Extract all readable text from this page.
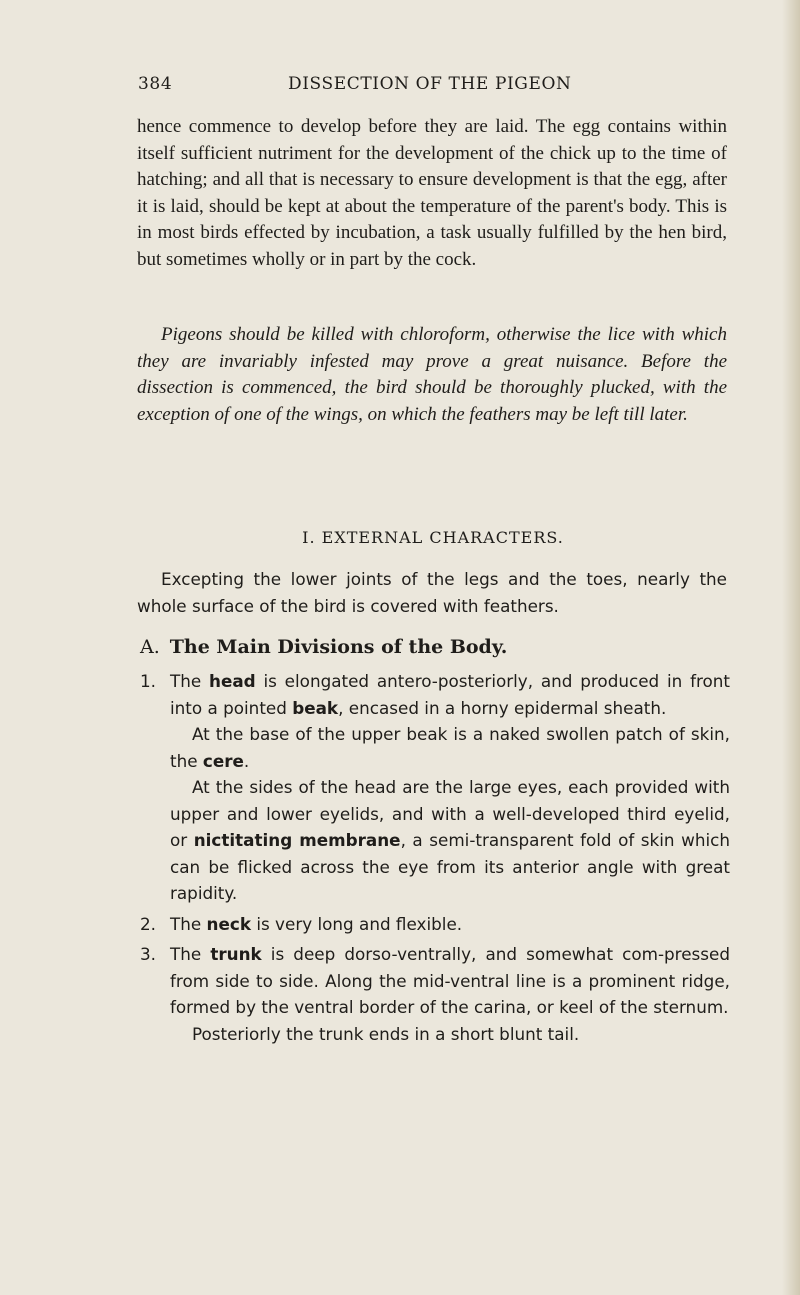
384	DISSECTION OF THE PIGEON
hence commence to develop before they are laid. The egg contains within itself sufficient nutriment for the development of the chick up to the time of hatching; and all that is necessary to ensure development is that the egg, after it is laid, should be kept at about the temperature of the parent's body. This is in most birds effected by incubation, a task usually fulfilled by the hen bird, but sometimes wholly or in part by the cock.
Pigeons should be killed with chloroform, otherwise the lice with which they are invariably infested may prove a great nuisance. Before the dissection is commenced, the bird should be thoroughly plucked, with the exception of one of the wings, on which the feathers may be left till later.
I. EXTERNAL CHARACTERS.
Excepting the lower joints of the legs and the toes, nearly the whole surface of the bird is covered with feathers.
A. The Main Divisions of the Body.
1. The head is elongated antero-posteriorly, and produced in front into a pointed beak, encased in a horny epidermal sheath.

At the base of the upper beak is a naked swollen patch of skin, the cere.

At the sides of the head are the large eyes, each provided with upper and lower eyelids, and with a well-developed third eyelid, or nictitating membrane, a semi-transparent fold of skin which can be flicked across the eye from its anterior angle with great rapidity.

2. The neck is very long and flexible.

3. The trunk is deep dorso-ventrally, and somewhat com-pressed from side to side. Along the mid-ventral line is a prominent ridge, formed by the ventral border of the carina, or keel of the sternum.

Posteriorly the trunk ends in a short blunt tail.
